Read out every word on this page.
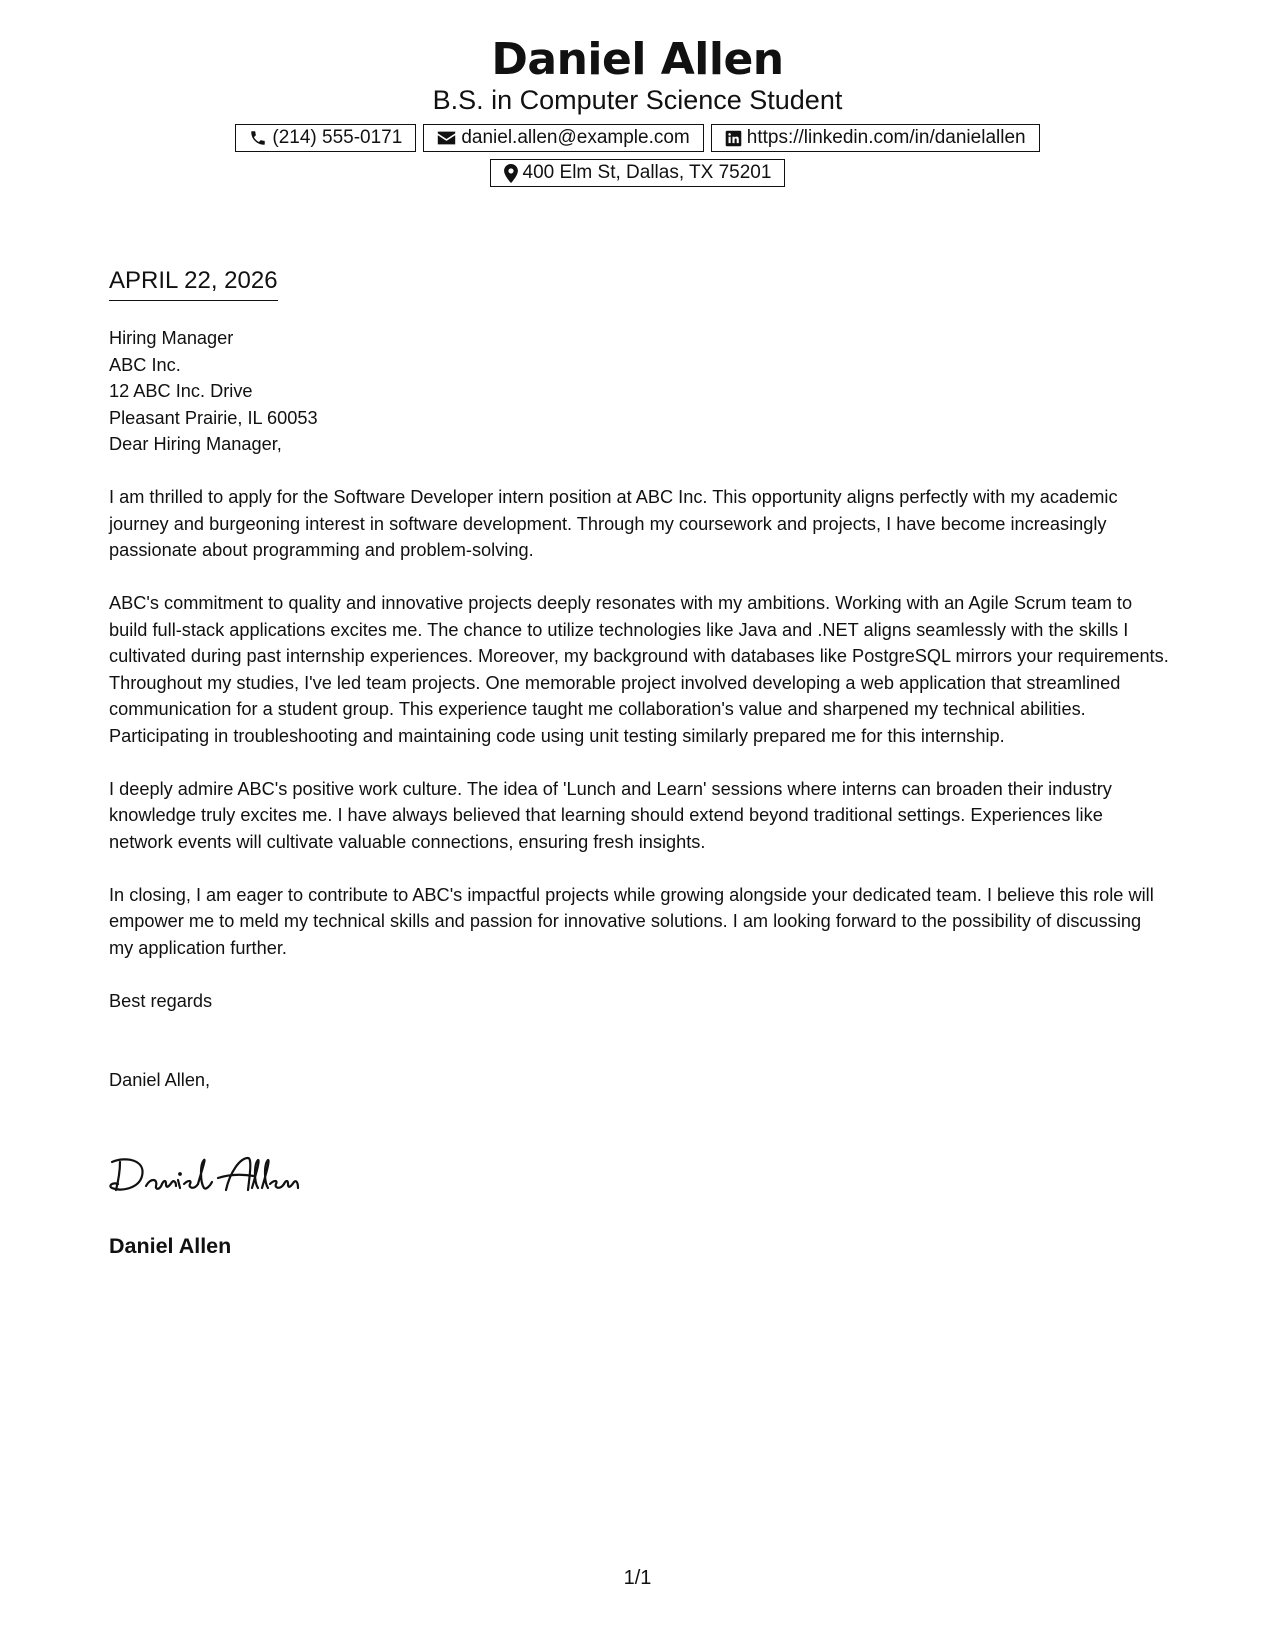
Daniel Allen
B.S. in Computer Science Student
(214) 555-0171	daniel.allen@example.com	https://linkedin.com/in/danielallen
400 Elm St, Dallas, TX 75201
APRIL 22, 2026

Hiring Manager

ABC Inc.

12 ABC Inc. Drive

Pleasant Prairie, IL 60053

Dear Hiring Manager,

I am thrilled to apply for the Software Developer intern position at ABC Inc. This opportunity aligns perfectly with my academic journey and burgeoning interest in software development. Through my coursework and projects, I have become increasingly passionate about programming and problem-solving.

ABC's commitment to quality and innovative projects deeply resonates with my ambitions. Working with an Agile Scrum team to build full-stack applications excites me. The chance to utilize technologies like Java and .NET aligns seamlessly with the skills I cultivated during past internship experiences. Moreover, my background with databases like PostgreSQL mirrors your requirements.

Throughout my studies, I've led team projects. One memorable project involved developing a web application that streamlined communication for a student group. This experience taught me collaboration's value and sharpened my technical abilities. Participating in troubleshooting and maintaining code using unit testing similarly prepared me for this internship.

I deeply admire ABC's positive work culture. The idea of 'Lunch and Learn' sessions where interns can broaden their industry knowledge truly excites me. I have always believed that learning should extend beyond traditional settings. Experiences like network events will cultivate valuable connections, ensuring fresh insights.

In closing, I am eager to contribute to ABC's impactful projects while growing alongside your dedicated team. I believe this role will empower me to meld my technical skills and passion for innovative solutions. I am looking forward to the possibility of discussing my application further.

Best regards

Daniel Allen,

Daniel Allen
1/1
